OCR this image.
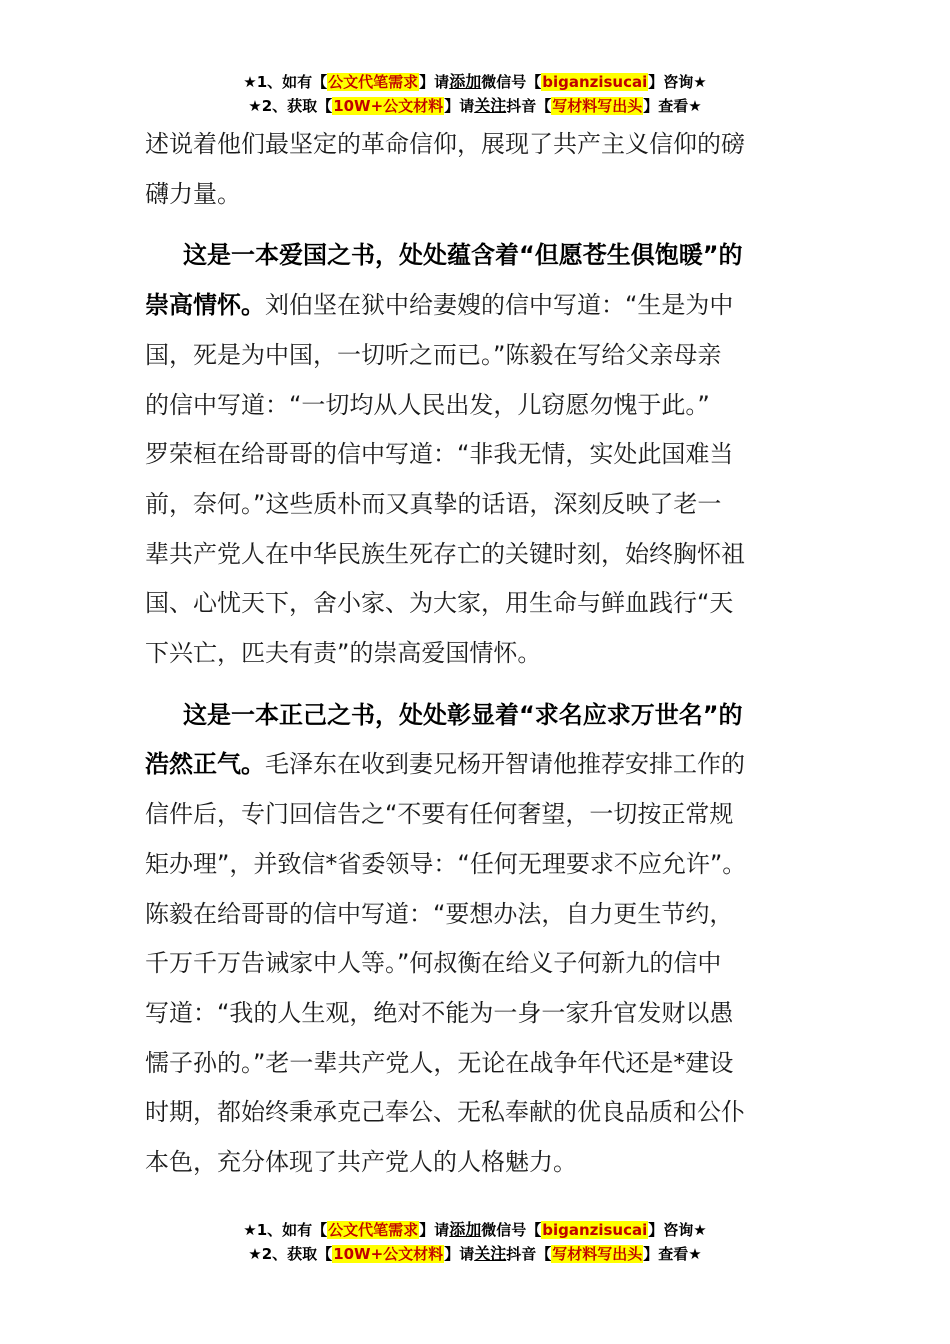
★1、如有【公文代笔需求】请添加微信号【biganzisucai】咨询★
★2、获取【10W+公文材料】请关注抖音【写材料写出头】查看★

述说着他们最坚定的革命信仰，展现了共产主义信仰的磅

礴力量。

这是一本爱国之书，处处蕴含着“但愿苍生俱饱暖”的

崇高情怀。刘伯坚在狱中给妻嫂的信中写道：“生是为中

国，死是为中国，一切听之而已。”陈毅在写给父亲母亲

的信中写道：“一切均从人民出发，儿窃愿勿愧于此。”

罗荣桓在给哥哥的信中写道：“非我无情，实处此国难当

前，奈何。”这些质朴而又真挚的话语，深刻反映了老一

辈共产党人在中华民族生死存亡的关键时刻，始终胸怀祖

国、心忧天下，舍小家、为大家，用生命与鲜血践行“天

下兴亡，匹夫有责”的崇高爱国情怀。

这是一本正己之书，处处彰显着“求名应求万世名”的

浩然正气。毛泽东在收到妻兄杨开智请他推荐安排工作的

信件后，专门回信告之“不要有任何奢望，一切按正常规

矩办理”，并致信*省委领导：“任何无理要求不应允许”。

陈毅在给哥哥的信中写道：“要想办法，自力更生节约，

千万千万告诫家中人等。”何叔衡在给义子何新九的信中

写道：“我的人生观，绝对不能为一身一家升官发财以愚

懦子孙的。”老一辈共产党人，无论在战争年代还是*建设

时期，都始终秉承克己奉公、无私奉献的优良品质和公仆

本色，充分体现了共产党人的人格魅力。

★1、如有【公文代笔需求】请添加微信号【biganzisucai】咨询★
★2、获取【10W+公文材料】请关注抖音【写材料写出头】查看★
